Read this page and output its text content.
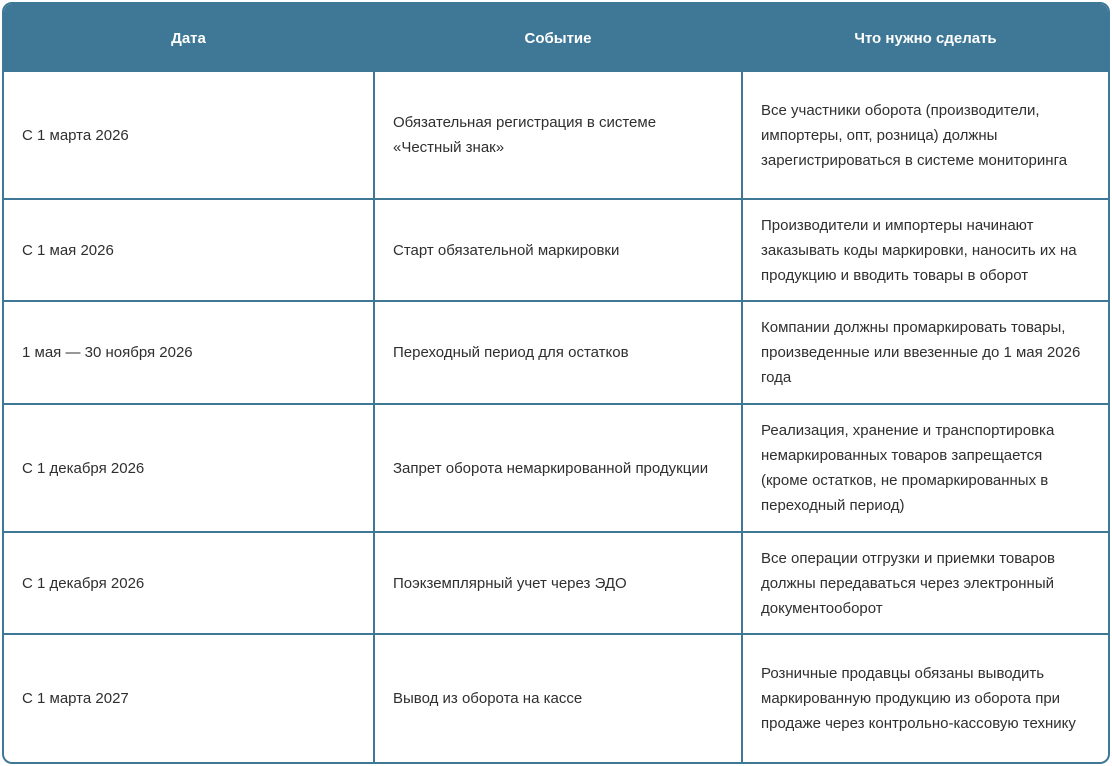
Дата	Событие	Что нужно сделать
С 1 марта 2026	Обязательная регистрация в системе «Честный знак»	Все участники оборота (производители, импортеры, опт, розница) должны зарегистрироваться в системе мониторинга
С 1 мая 2026	Старт обязательной маркировки	Производители и импортеры начинают заказывать коды маркировки, наносить их на продукцию и вводить товары в оборот
1 мая — 30 ноября 2026	Переходный период для остатков	Компании должны промаркировать товары, произведенные или ввезенные до 1 мая 2026 года
С 1 декабря 2026	Запрет оборота немаркированной продукции	Реализация, хранение и транспортировка немаркированных товаров запрещается (кроме остатков, не промаркированных в переходный период)
С 1 декабря 2026	Поэкземплярный учет через ЭДО	Все операции отгрузки и приемки товаров должны передаваться через электронный документооборот
С 1 марта 2027	Вывод из оборота на кассе	Розничные продавцы обязаны выводить маркированную продукцию из оборота при продаже через контрольно-кассовую технику
